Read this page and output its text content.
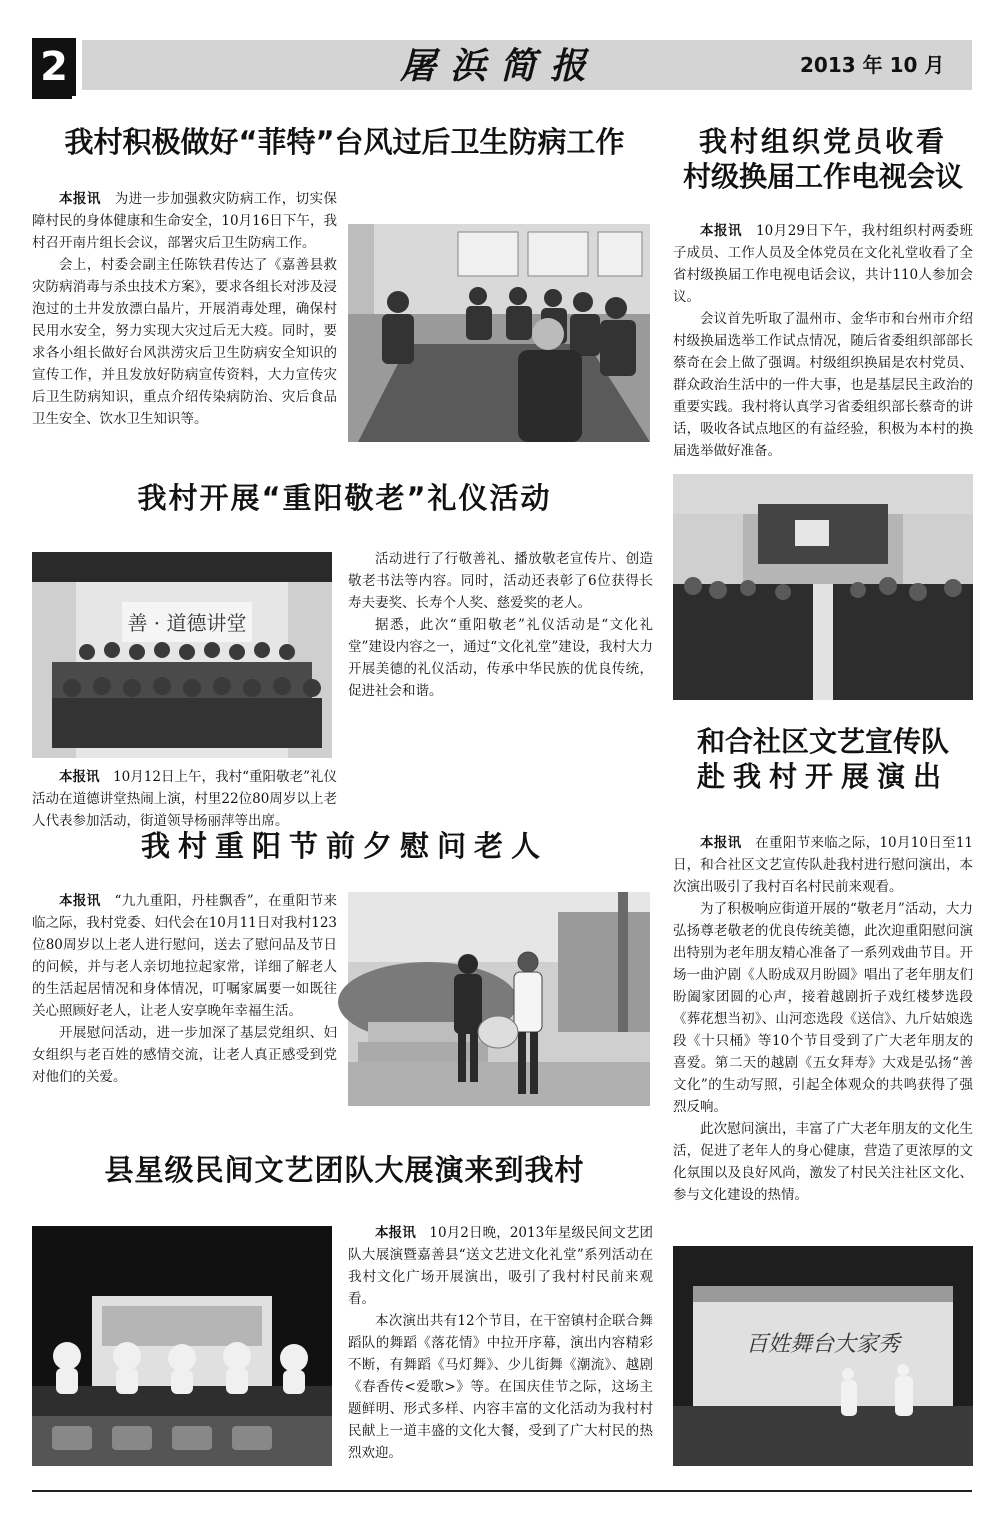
2	屠浜简报	2013 年 10 月
我村积极做好“菲特”台风过后卫生防病工作

本报讯　 为进一步加强救灾防病工作，切实保障村民的身体健康和生命安全，10月16日下午，我村召开南片组长会议，部署灾后卫生防病工作。

会上，村委会副主任陈铁君传达了《嘉善县救灾防病消毒与杀虫技术方案》，要求各组长对涉及浸泡过的土井发放漂白晶片，开展消毒处理，确保村民用水安全，努力实现大灾过后无大疫。同时，要求各小组长做好台风洪涝灾后卫生防病安全知识的宣传工作，并且发放好防病宣传资料，大力宣传灾后卫生防病知识，重点介绍传染病防治、灾后食品卫生安全、饮水卫生知识等。

我村组织党员收看
村级换届工作电视会议

本报讯　 10月29日下午，我村组织村两委班子成员、工作人员及全体党员在文化礼堂收看了全省村级换届工作电视电话会议，共计110人参加会议。

会议首先听取了温州市、金华市和台州市介绍村级换届选举工作试点情况，随后省委组织部部长蔡奇在会上做了强调。村级组织换届是农村党员、群众政治生活中的一件大事，也是基层民主政治的重要实践。我村将认真学习省委组织部长蔡奇的讲话，吸收各试点地区的有益经验，积极为本村的换届选举做好准备。

我村开展“重阳敬老”礼仪活动
善 · 道德讲堂

本报讯　 10月12日上午，我村“重阳敬老”礼仪活动在道德讲堂热闹上演，村里22位80周岁以上老人代表参加活动，街道领导杨丽萍等出席。

活动进行了行敬善礼、播放敬老宣传片、创造敬老书法等内容。同时，活动还表彰了6位获得长寿夫妻奖、长寿个人奖、慈爱奖的老人。

据悉，此次“重阳敬老”礼仪活动是“文化礼堂”建设内容之一，通过“文化礼堂”建设，我村大力开展美德的礼仪活动，传承中华民族的优良传统，促进社会和谐。

和合社区文艺宣传队
赴我村开展演出

本报讯　 在重阳节来临之际，10月10日至11日，和合社区文艺宣传队赴我村进行慰问演出，本次演出吸引了我村百名村民前来观看。

为了积极响应街道开展的“敬老月”活动，大力弘扬尊老敬老的优良传统美德，此次迎重阳慰问演出特别为老年朋友精心准备了一系列戏曲节目。开场一曲沪剧《人盼成双月盼圆》唱出了老年朋友们盼阖家团圆的心声，接着越剧折子戏红楼梦选段《葬花想当初》、山河恋选段《送信》、九斤姑娘选段《十只桶》等10个节目受到了广大老年朋友的喜爱。第二天的越剧《五女拜寿》大戏是弘扬“善文化”的生动写照，引起全体观众的共鸣获得了强烈反响。

此次慰问演出，丰富了广大老年朋友的文化生活，促进了老年人的身心健康，营造了更浓厚的文化氛围以及良好风尚，激发了村民关注社区文化、参与文化建设的热情。

百姓舞台大家秀
我村重阳节前夕慰问老人

本报讯　 “九九重阳，丹桂飘香”，在重阳节来临之际，我村党委、妇代会在10月11日对我村123位80周岁以上老人进行慰问，送去了慰问品及节日的问候，并与老人亲切地拉起家常，详细了解老人的生活起居情况和身体情况，叮嘱家属要一如既往关心照顾好老人，让老人安享晚年幸福生活。

开展慰问活动，进一步加深了基层党组织、妇女组织与老百姓的感情交流，让老人真正感受到党对他们的关爱。

县星级民间文艺团队大展演来到我村

本报讯　 10月2日晚，2013年星级民间文艺团队大展演暨嘉善县“送文艺进文化礼堂”系列活动在我村文化广场开展演出，吸引了我村村民前来观看。

本次演出共有12个节目，在干窑镇村企联合舞蹈队的舞蹈《落花情》中拉开序幕，演出内容精彩不断，有舞蹈《马灯舞》、少儿街舞《潮流》、越剧《春香传<爱歌>》等。在国庆佳节之际，这场主题鲜明、形式多样、内容丰富的文化活动为我村村民献上一道丰盛的文化大餐，受到了广大村民的热烈欢迎。
